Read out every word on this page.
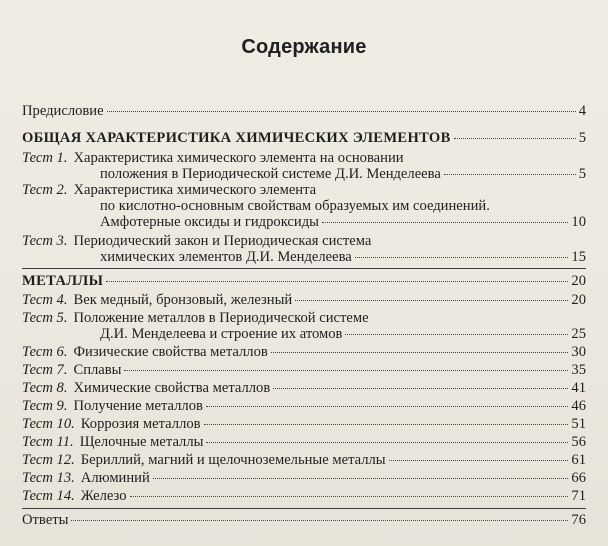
Содержание
Предисловие	4
ОБЩАЯ ХАРАКТЕРИСТИКА ХИМИЧЕСКИХ ЭЛЕМЕНТОВ	5
Тест 1. Характеристика химического элемента на основании
положения в Периодической системе Д.И. Менделеева	5
Тест 2. Характеристика химического элемента
по кислотно-основным свойствам образуемых им соединений.
Амфотерные оксиды и гидроксиды	10
Тест 3. Периодический закон и Периодическая система
химических элементов Д.И. Менделеева	15
МЕТАЛЛЫ	20
Тест 4. Век медный, бронзовый, железный	20
Тест 5. Положение металлов в Периодической системе
Д.И. Менделеева и строение их атомов	25
Тест 6. Физические свойства металлов	30
Тест 7. Сплавы	35
Тест 8. Химические свойства металлов	41
Тест 9. Получение металлов	46
Тест 10. Коррозия металлов	51
Тест 11. Щелочные металлы	56
Тест 12. Бериллий, магний и щелочноземельные металлы	61
Тест 13. Алюминий	66
Тест 14. Железо	71
Ответы	76
